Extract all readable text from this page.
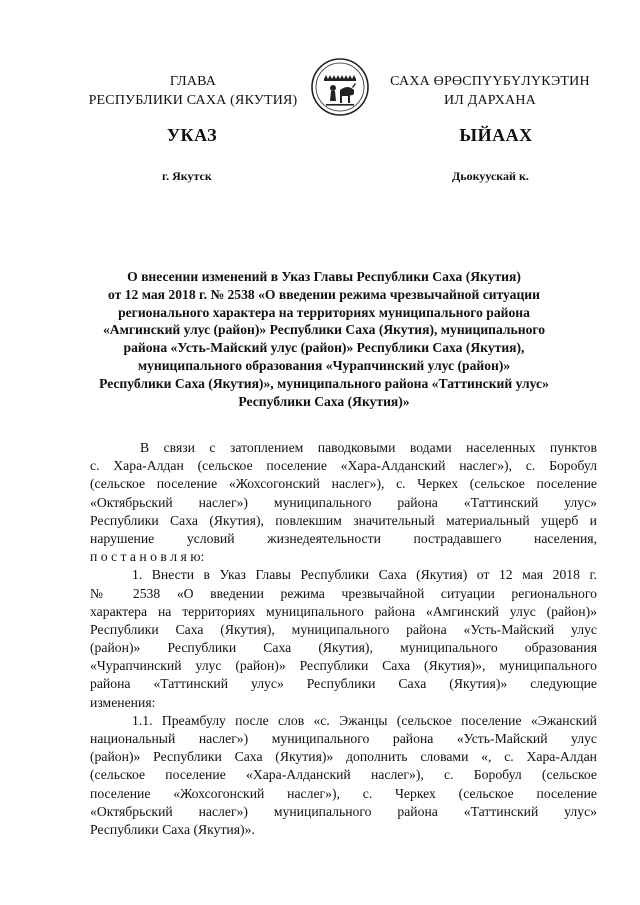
ГЛАВА
РЕСПУБЛИКИ САХА (ЯКУТИЯ)
САХА ӨРӨСПҮҮБҮЛҮКЭТИН
ИЛ ДАРХАНА
УКАЗ	ЫЙААХ
г. Якутск	Дьокуускай к.
О внесении изменений в Указ Главы Республики Саха (Якутия)
от 12 мая 2018 г. № 2538 «О введении режима чрезвычайной ситуации
регионального характера на территориях муниципального района
«Амгинский улус (район)» Республики Саха (Якутия), муниципального
района «Усть-Майский улус (район)» Республики Саха (Якутия),
муниципального образования «Чурапчинский улус (район)»
Республики Саха (Якутия)», муниципального района «Таттинский улус»
Республики Саха (Якутия)»
В связи с затоплением паводковыми водами населенных пунктов
с. Хара-Алдан (сельское поселение «Хара-Алданский наслег»), с. Боробул
(сельское поселение «Жохсогонский наслег»), с. Черкех (сельское поселение
«Октябрьский наслег») муниципального района «Таттинский улус»
Республики Саха (Якутия), повлекшим значительный материальный ущерб и
нарушение условий жизнедеятельности пострадавшего населения,
п о с т а н о в л я ю:
1. Внести в Указ Главы Республики Саха (Якутия) от 12 мая 2018 г.
№ 2538 «О введении режима чрезвычайной ситуации регионального
характера на территориях муниципального района «Амгинский улус (район)»
Республики Саха (Якутия), муниципального района «Усть-Майский улус
(район)» Республики Саха (Якутия), муниципального образования
«Чурапчинский улус (район)» Республики Саха (Якутия)», муниципального
района «Таттинский улус» Республики Саха (Якутия)» следующие
изменения:
1.1. Преамбулу после слов «с. Эжанцы (сельское поселение «Эжанский
национальный наслег») муниципального района «Усть-Майский улус
(район)» Республики Саха (Якутия)» дополнить словами «, с. Хара-Алдан
(сельское поселение «Хара-Алданский наслег»), с. Боробул (сельское
поселение «Жохсогонский наслег»), с. Черкех (сельское поселение
«Октябрьский наслег») муниципального района «Таттинский улус»
Республики Саха (Якутия)».
